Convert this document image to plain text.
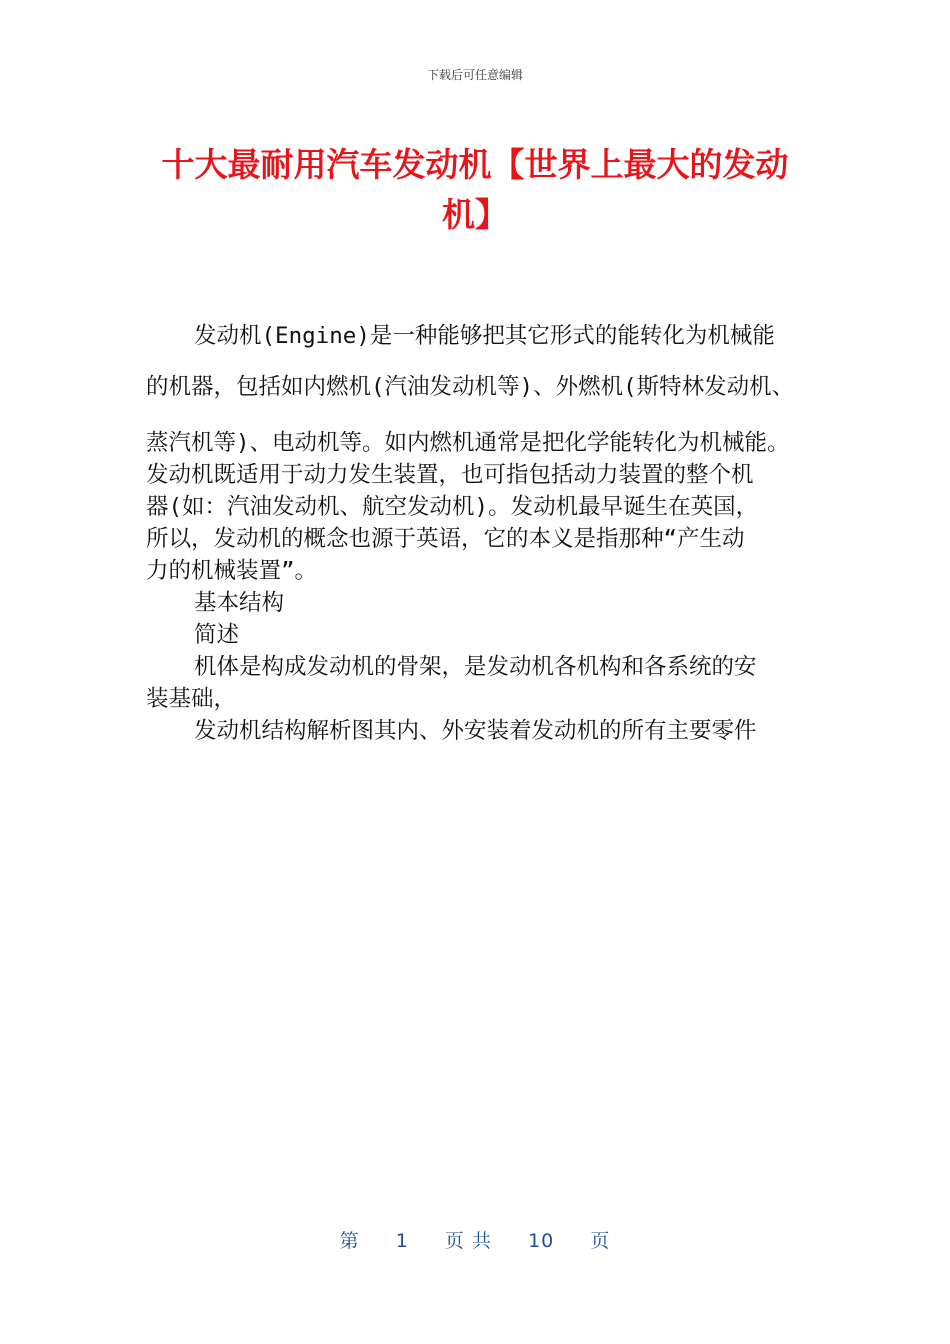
下载后可任意编辑
十大最耐用汽车发动机【世界上最大的发动
机】
发动机(Engine)是一种能够把其它形式的能转化为机械能
的机器，包括如内燃机(汽油发动机等)、外燃机(斯特林发动机、
蒸汽机等)、电动机等。如内燃机通常是把化学能转化为机械能。
发动机既适用于动力发生装置，也可指包括动力装置的整个机
器(如：汽油发动机、航空发动机)。发动机最早诞生在英国，
所以，发动机的概念也源于英语，它的本义是指那种“产生动
力的机械装置”。
基本结构
简述
机体是构成发动机的骨架，是发动机各机构和各系统的安
装基础，
发动机结构解析图其内、外安装着发动机的所有主要零件
第 1 页 共 10 页
